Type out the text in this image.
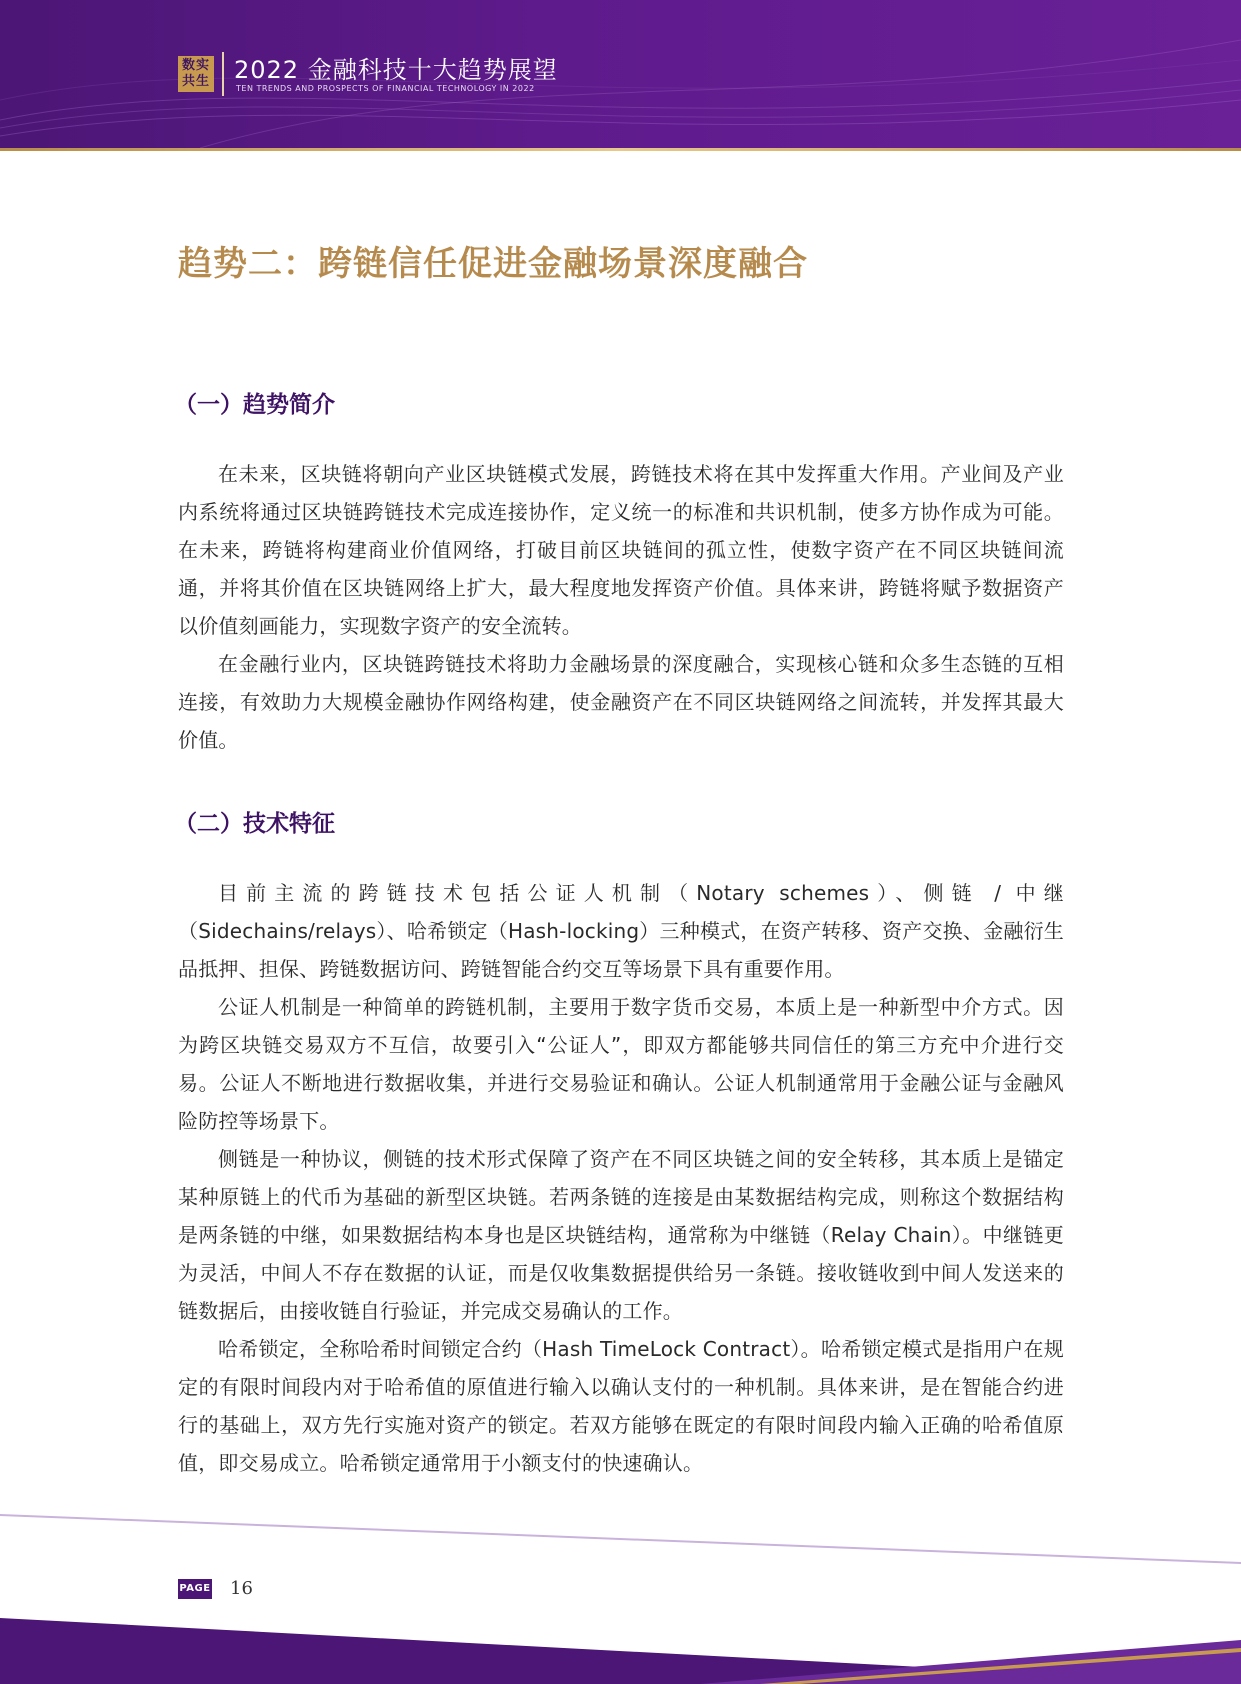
数实
共生 2022 金融科技十大趋势展望
TEN TRENDS AND PROSPECTS OF FINANCIAL TECHNOLOGY IN 2022
趋势二：跨链信任促进金融场景深度融合
（一）趋势简介

在未来，区块链将朝向产业区块链模式发展，跨链技术将在其中发挥重大作用。产业间及产业内系统将通过区块链跨链技术完成连接协作，定义统一的标准和共识机制，使多方协作成为可能。在未来，跨链将构建商业价值网络，打破目前区块链间的孤立性，使数字资产在不同区块链间流通，并将其价值在区块链网络上扩大，最大程度地发挥资产价值。具体来讲，跨链将赋予数据资产以价值刻画能力，实现数字资产的安全流转。

在金融行业内，区块链跨链技术将助力金融场景的深度融合，实现核心链和众多生态链的互相连接，有效助力大规模金融协作网络构建，使金融资产在不同区块链网络之间流转，并发挥其最大价值。

（二）技术特征

目前主流的跨链技术包括公证人机制（Notary schemes）、侧链 / 中继（Sidechains/relays）、哈希锁定（Hash-locking）三种模式，在资产转移、资产交换、金融衍生品抵押、担保、跨链数据访问、跨链智能合约交互等场景下具有重要作用。

公证人机制是一种简单的跨链机制，主要用于数字货币交易，本质上是一种新型中介方式。因为跨区块链交易双方不互信，故要引入“公证人”，即双方都能够共同信任的第三方充中介进行交易。公证人不断地进行数据收集，并进行交易验证和确认。公证人机制通常用于金融公证与金融风险防控等场景下。

侧链是一种协议，侧链的技术形式保障了资产在不同区块链之间的安全转移，其本质上是锚定某种原链上的代币为基础的新型区块链。若两条链的连接是由某数据结构完成，则称这个数据结构是两条链的中继，如果数据结构本身也是区块链结构，通常称为中继链（Relay Chain）。中继链更为灵活，中间人不存在数据的认证，而是仅收集数据提供给另一条链。接收链收到中间人发送来的链数据后，由接收链自行验证，并完成交易确认的工作。

哈希锁定，全称哈希时间锁定合约（Hash TimeLock Contract）。哈希锁定模式是指用户在规定的有限时间段内对于哈希值的原值进行输入以确认支付的一种机制。具体来讲，是在智能合约进行的基础上，双方先行实施对资产的锁定。若双方能够在既定的有限时间段内输入正确的哈希值原值，即交易成立。哈希锁定通常用于小额支付的快速确认。

PAGE 16
